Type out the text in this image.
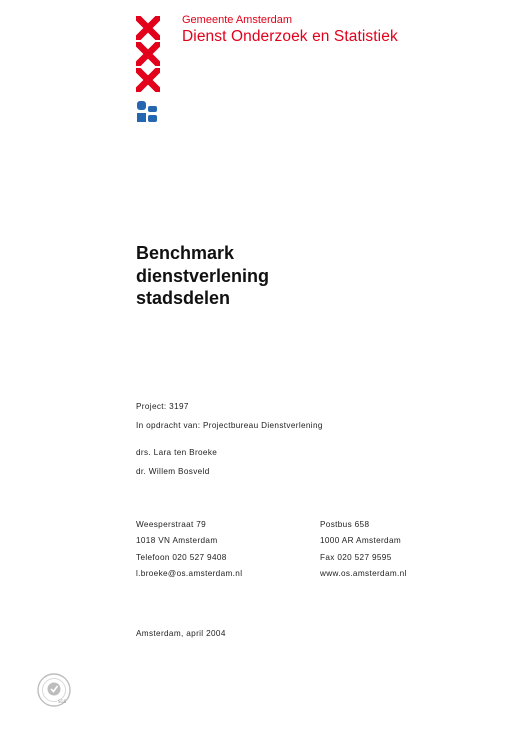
Gemeente Amsterdam
Dienst Onderzoek en Statistiek
Benchmark
dienstverlening
stadsdelen
Project: 3197
In opdracht van: Projectbureau Dienstverlening
drs. Lara ten Broeke
dr. Willem Bosveld
Weesperstraat 79
1018 VN Amsterdam
Telefoon 020 527 9408
l.broeke@os.amsterdam.nl
Postbus 658
1000 AR Amsterdam
Fax 020 527 9595
www.os.amsterdam.nl
Amsterdam, april 2004
SGS
